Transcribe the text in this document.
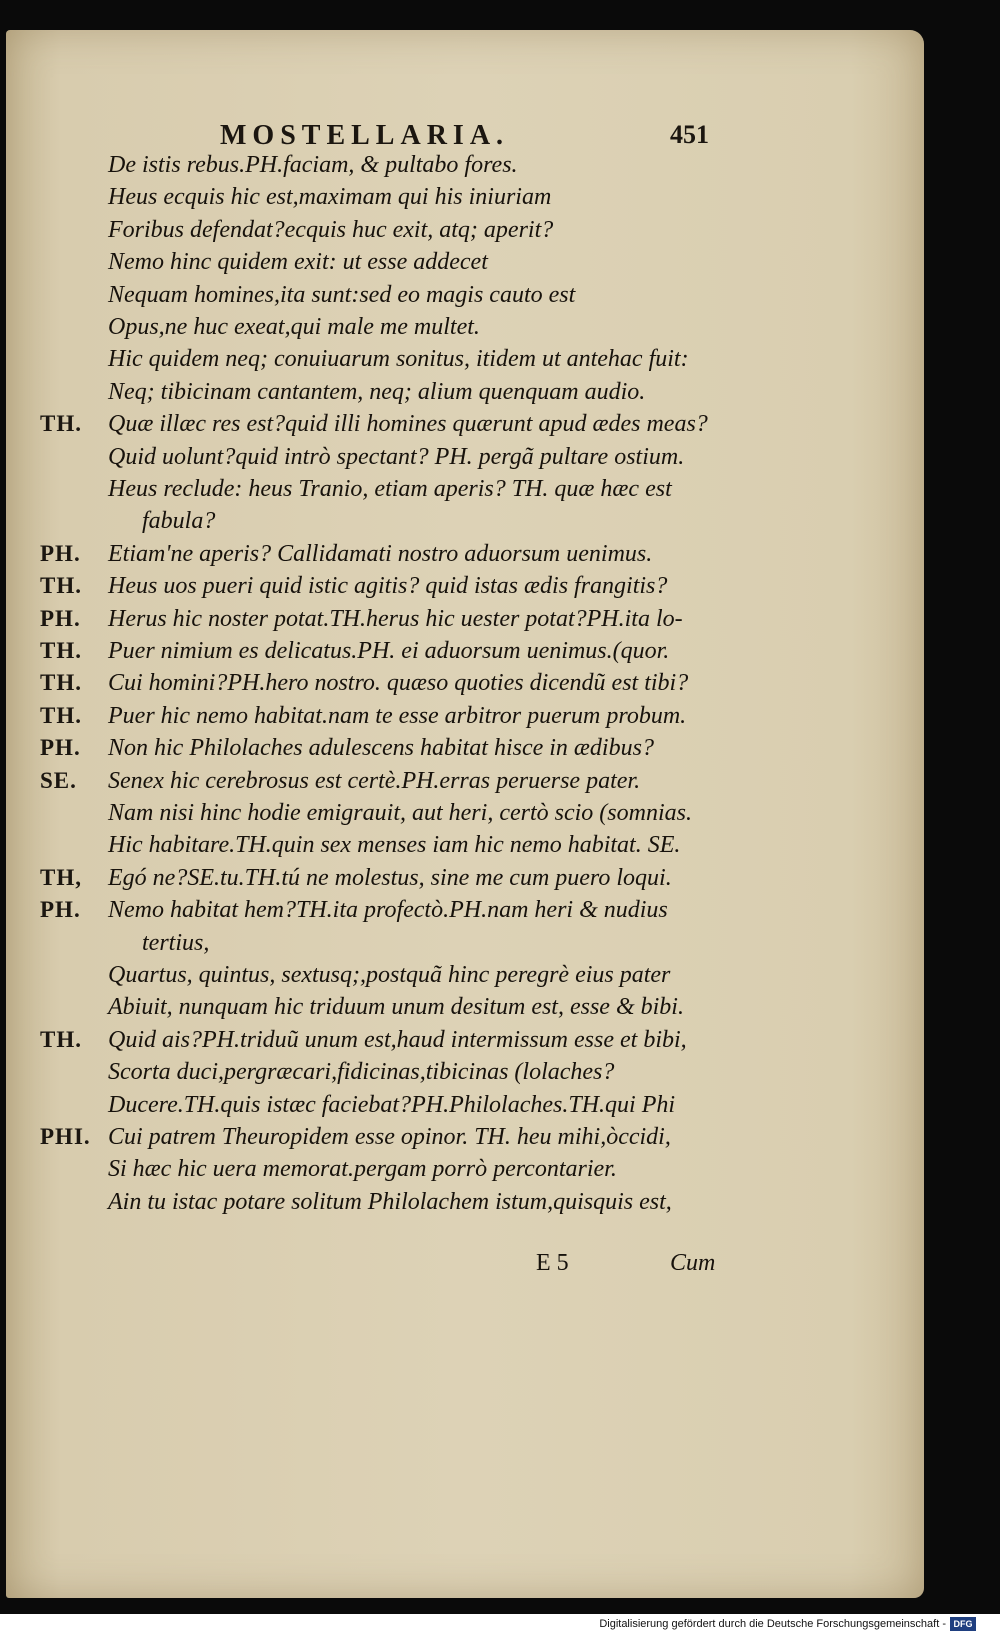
MOSTELLARIA.	451
De istis rebus.PH.faciam, & pultabo fores.
Heus ecquis hic est,maximam qui his iniuriam
Foribus defendat?ecquis huc exit, atq; aperit?
Nemo hinc quidem exit: ut esse addecet
Nequam homines,ita sunt:sed eo magis cauto est
Opus,ne huc exeat,qui male me multet.
Hic quidem neq; conuiuarum sonitus, itidem ut antehac fuit:
Neq; tibicinam cantantem, neq; alium quenquam audio.
TH. Quæ illæc res est?quid illi homines quærunt apud ædes meas?
Quid uolunt?quid intrò spectant? PH. pergã pultare ostium.
Heus reclude: heus Tranio, etiam aperis? TH. quæ hæc est
fabula?
PH. Etiam'ne aperis? Callidamati nostro aduorsum uenimus.
TH. Heus uos pueri quid istic agitis? quid istas ædis frangitis?
PH. Herus hic noster potat.TH.herus hic uester potat?PH.ita lo-
TH. Puer nimium es delicatus.PH. ei aduorsum uenimus.(quor.
TH. Cui homini?PH.hero nostro. quæso quoties dicendũ est tibi?
TH. Puer hic nemo habitat.nam te esse arbitror puerum probum.
PH. Non hic Philolaches adulescens habitat hisce in ædibus?
SE. Senex hic cerebrosus est certè.PH.erras peruerse pater.
Nam nisi hinc hodie emigrauit, aut heri, certò scio (somnias.
Hic habitare.TH.quin sex menses iam hic nemo habitat. SE.
TH, Egó ne?SE.tu.TH.tú ne molestus, sine me cum puero loqui.
PH. Nemo habitat hem?TH.ita profectò.PH.nam heri & nudius
tertius,
Quartus, quintus, sextusq;,postquã hinc peregrè eius pater
Abiuit, nunquam hic triduum unum desitum est, esse & bibi.
TH. Quid ais?PH.triduũ unum est,haud intermissum esse et bibi,
Scorta duci,pergræcari,fidicinas,tibicinas (lolaches?
Ducere.TH.quis istæc faciebat?PH.Philolaches.TH.qui Phi
PHI. Cui patrem Theuropidem esse opinor. TH. heu mihi,òccidi,
Si hæc hic uera memorat.pergam porrò percontarier.
Ain tu istac potare solitum Philolachem istum,quisquis est,
E 5	Cum
Digitalisierung gefördert durch die Deutsche Forschungsgemeinschaft - DFG
